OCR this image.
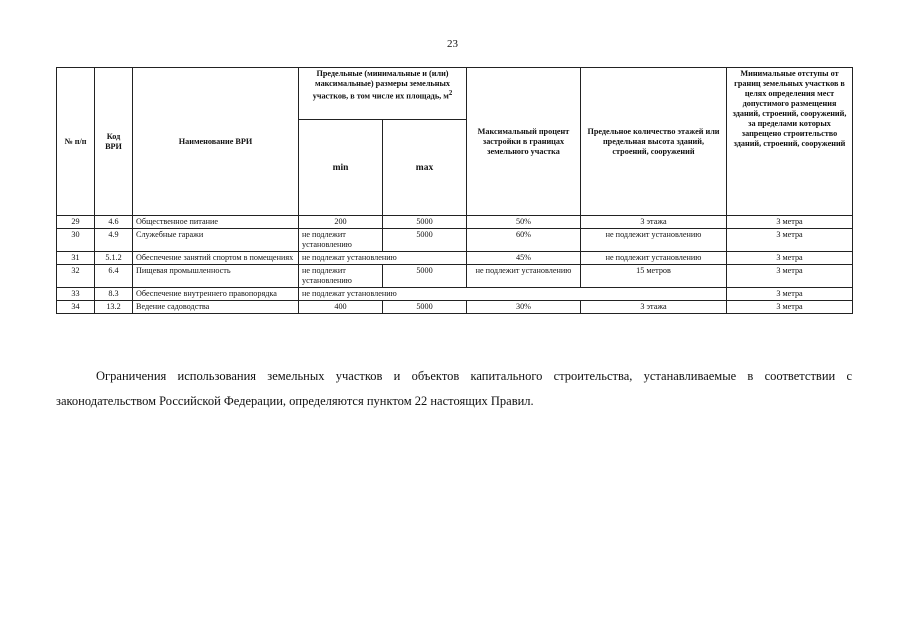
23
№ п/п	Код ВРИ	Наименование ВРИ	Предельные (минимальные и (или) максимальные) размеры земельных участков, в том числе их площадь, $м^2$		Максимальный процент застройки в границах земельного участка	Предельное количество этажей или предельная высота зданий, строений, сооружений	Минимальные отступы от границ земельных участков в целях определения мест допустимого размещения зданий, строений, сооружений, за пределами которых запрещено строительство зданий, строений, сооружений
			min	max			
29	4.6	Общественное питание	200	5000	50%	3 этажа	3 метра
30	4.9	Служебные гаражи	не подлежит установлению	5000	60%	не подлежит установлению	3 метра
31	5.1.2	Обеспечение занятий спортом в помещениях	не подлежат установлению		45%	не подлежит установлению	3 метра
32	6.4	Пищевая промышленность	не подлежит установлению	5000	не подлежит установлению	15 метров	3 метра
33	8.3	Обеспечение внутреннего правопорядка	не подлежат установлению				3 метра
34	13.2	Ведение садоводства	400	5000	30%	3 этажа	3 метра

Ограничения использования земельных участков и объектов капитального строительства, устанавливаемые в соответствии с законодательством Российской Федерации, определяются пунктом 22 настоящих Правил.
